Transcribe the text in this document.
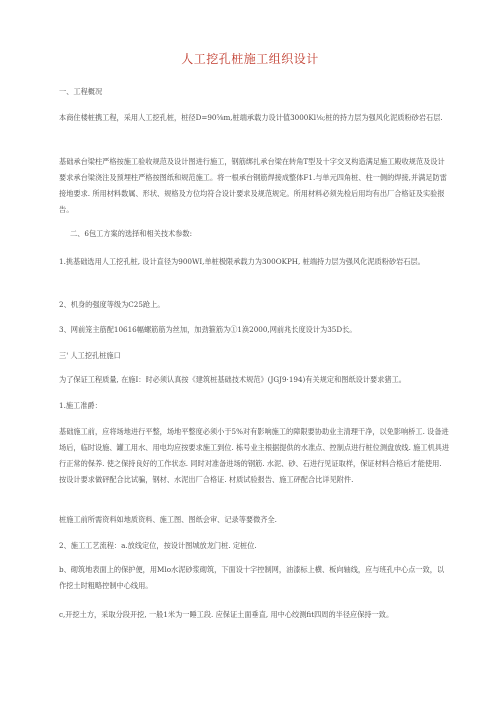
人工挖孔桩施工组织设计

一、工程概况

本商住楼桩携工程，采用人工挖孔桩，桩径D=90⅝m,桩端承载力设计值3000Kl⅛;桩的持力层为强风化泥质粉砂岩石层.

基础承台梁柱严格按施工验收规范及设计图进行施工，钢筋绑扎承台梁在转角T型及十字交叉构造满足施工殿收规范及设计要求承台梁浇注及预埋柱严格按图纸和规范施工。将一根承台钢筋焊接成整体F1.与单元四角桩、柱一侧的焊接,并满足防雷接地要求. 所用材料数属、形状、规格及方位均符合设计要求及规范规定。所用材料必须先检后用均有出厂合格证及实验报告。

二、6包工方案的选择和相关技术参数:

1.挑基础选用人工挖孔桩, 设计直径为900WI,单桩极限承载力为300OKPH, 桩端持力层为强风化泥质粉砂岩石层。

2、机身的强度等级为C25跄上。

3、网前笼主筋配10616幅螺筋筋为丝加，加劲箍筋为①1涣2000,网前兆长度设计为35D长。

三' 人工挖孔桩施口

为了保证工程质量, 在施I：时必须认真按《建筑桩基础技术规范》(JGJ9·194)有关规定和图纸设计要求猪工。

1.施工准爵：

基础施工前，应将场地进行平整，场地平整度必须小于5%对有影响施工的障限要协助业主清理干净，以免影响桥工. 设备进场后，临时设施、罐工用水、用电均应按要求施工到位. 栋号业主根据提供的水准点、控制点进行桩位测盘放线. 施工机具进行正常的保养. 使之保持良好的工作状态. 同时对准备进场的钢筋. 水泥、砂、石进行见证取样，保证材料合格后才能使用. 按设计要求做砰配合比试骗，钢材、水泥出厂合格证. 材质试验报告、施工砰配合比详见附件.

桩施工前所需资料如地质资料、施工图、图纸会审、记录等要微齐全.

2、施工工艺流程：a.放线定位，按设计图城放龙门桩. 定桩位.

b、砌筑地表面上的保护便，用Mlo水泥砂浆砌筑，下面设十字控制网，油漆标上横、板向轴线，应与班孔中心点一致，以作挖土时粗略控制中心线用。

c,开挖土方，采取分段开挖, 一般1米为一睡工段. 应保证土面垂直, 用中心绞测fit四周的半径应保持一致。
